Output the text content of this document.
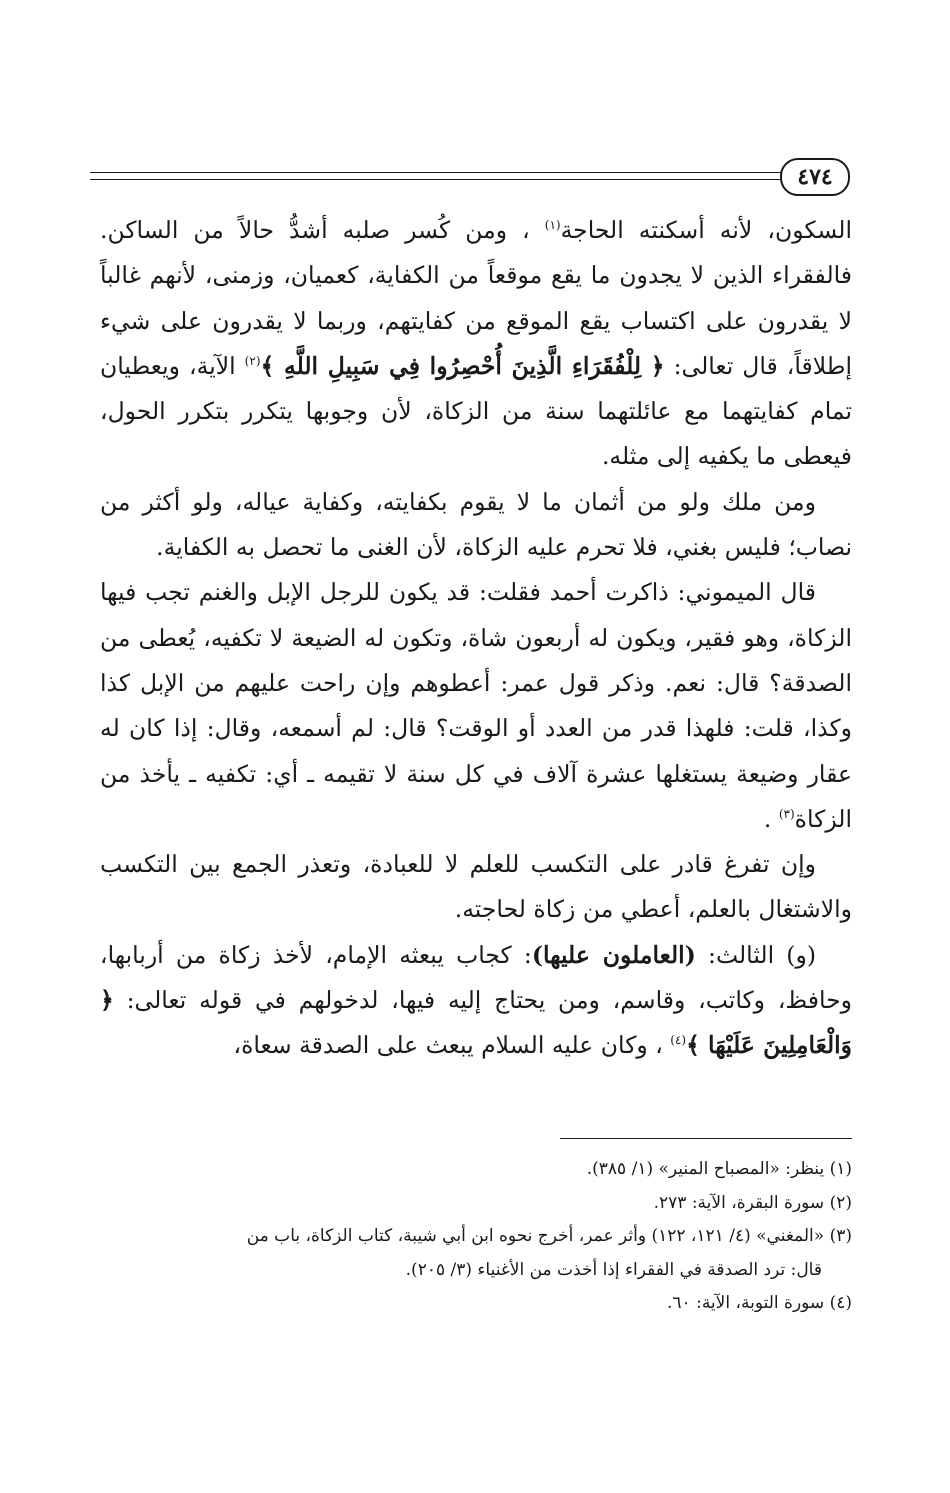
٤٧٤

السكون، لأنه أسكنته الحاجة$^{(١)}$ ، ومن كُسر صلبه أشدُّ حالاً من الساكن. فالفقراء الذين لا يجدون ما يقع موقعاً من الكفاية، كعميان، وزمنى، لأنهم غالباً لا يقدرون على اكتساب يقع الموقع من كفايتهم، وربما لا يقدرون على شيء إطلاقاً، قال تعالى: ﴿ لِلْفُقَرَاءِ الَّذِينَ أُحْصِرُوا فِي سَبِيلِ اللَّهِ ﴾$^{(٢)}$ الآية، ويعطيان تمام كفايتهما مع عائلتهما سنة من الزكاة، لأن وجوبها يتكرر بتكرر الحول، فيعطى ما يكفيه إلى مثله.

ومن ملك ولو من أثمان ما لا يقوم بكفايته، وكفاية عياله، ولو أكثر من نصاب؛ فليس بغني، فلا تحرم عليه الزكاة، لأن الغنى ما تحصل به الكفاية.

قال الميموني: ذاكرت أحمد فقلت: قد يكون للرجل الإبل والغنم تجب فيها الزكاة، وهو فقير، ويكون له أربعون شاة، وتكون له الضيعة لا تكفيه، يُعطى من الصدقة؟ قال: نعم. وذكر قول عمر: أعطوهم وإن راحت عليهم من الإبل كذا وكذا، قلت: فلهذا قدر من العدد أو الوقت؟ قال: لم أسمعه، وقال: إذا كان له عقار وضيعة يستغلها عشرة آلاف في كل سنة لا تقيمه ـ أي: تكفيه ـ يأخذ من الزكاة$^{(٣)}$ .

وإن تفرغ قادر على التكسب للعلم لا للعبادة، وتعذر الجمع بين التكسب والاشتغال بالعلم، أعطي من زكاة لحاجته.

(و) الثالث: (العاملون عليها): كجاب يبعثه الإمام، لأخذ زكاة من أربابها، وحافظ، وكاتب، وقاسم، ومن يحتاج إليه فيها، لدخولهم في قوله تعالى: ﴿ وَالْعَامِلِينَ عَلَيْهَا ﴾$^{(٤)}$ ، وكان عليه السلام يبعث على الصدقة سعاة،

(١) ينظر: «المصباح المنير» (١/ ٣٨٥).

(٢) سورة البقرة، الآية: ٢٧٣.

(٣) «المغني» (٤/ ١٢١، ١٢٢) وأثر عمر، أخرج نحوه ابن أبي شيبة، كتاب الزكاة، باب من

قال: ترد الصدقة في الفقراء إذا أخذت من الأغنياء (٣/ ٢٠٥).

(٤) سورة التوبة، الآية: ٦٠.
